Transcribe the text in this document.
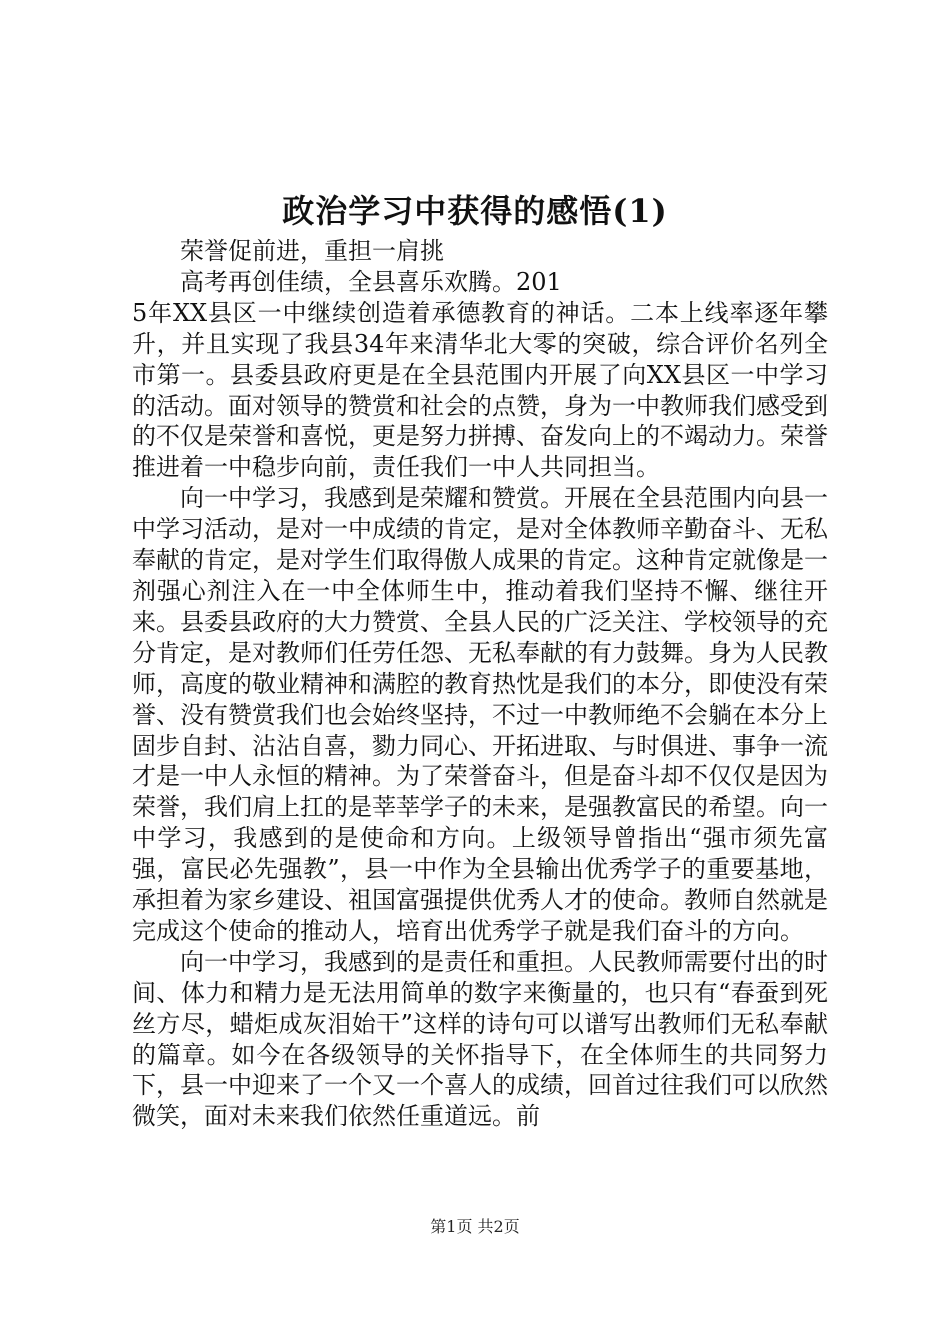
政治学习中获得的感悟(1)

荣誉促前进，重担一肩挑

高考再创佳绩，全县喜乐欢腾。201

5年XX县区一中继续创造着承德教育的神话。二本上线率逐年攀升，并且实现了我县34年来清华北大零的突破，综合评价名列全市第一。县委县政府更是在全县范围内开展了向XX县区一中学习的活动。面对领导的赞赏和社会的点赞，身为一中教师我们感受到的不仅是荣誉和喜悦，更是努力拼搏、奋发向上的不竭动力。荣誉推进着一中稳步向前，责任我们一中人共同担当。

向一中学习，我感到是荣耀和赞赏。开展在全县范围内向县一中学习活动，是对一中成绩的肯定，是对全体教师辛勤奋斗、无私奉献的肯定，是对学生们取得傲人成果的肯定。这种肯定就像是一剂强心剂注入在一中全体师生中，推动着我们坚持不懈、继往开来。县委县政府的大力赞赏、全县人民的广泛关注、学校领导的充分肯定，是对教师们任劳任怨、无私奉献的有力鼓舞。身为人民教师，高度的敬业精神和满腔的教育热忱是我们的本分，即使没有荣誉、没有赞赏我们也会始终坚持，不过一中教师绝不会躺在本分上固步自封、沾沾自喜，勠力同心、开拓进取、与时俱进、事争一流才是一中人永恒的精神。为了荣誉奋斗，但是奋斗却不仅仅是因为荣誉，我们肩上扛的是莘莘学子的未来，是强教富民的希望。向一中学习，我感到的是使命和方向。上级领导曾指出“强市须先富强，富民必先强教”，县一中作为全县输出优秀学子的重要基地，承担着为家乡建设、祖国富强提供优秀人才的使命。教师自然就是完成这个使命的推动人，培育出优秀学子就是我们奋斗的方向。

向一中学习，我感到的是责任和重担。人民教师需要付出的时间、体力和精力是无法用简单的数字来衡量的，也只有“春蚕到死丝方尽，蜡炬成灰泪始干”这样的诗句可以谱写出教师们无私奉献的篇章。如今在各级领导的关怀指导下，在全体师生的共同努力下，县一中迎来了一个又一个喜人的成绩，回首过往我们可以欣然微笑，面对未来我们依然任重道远。前

第1页 共2页
